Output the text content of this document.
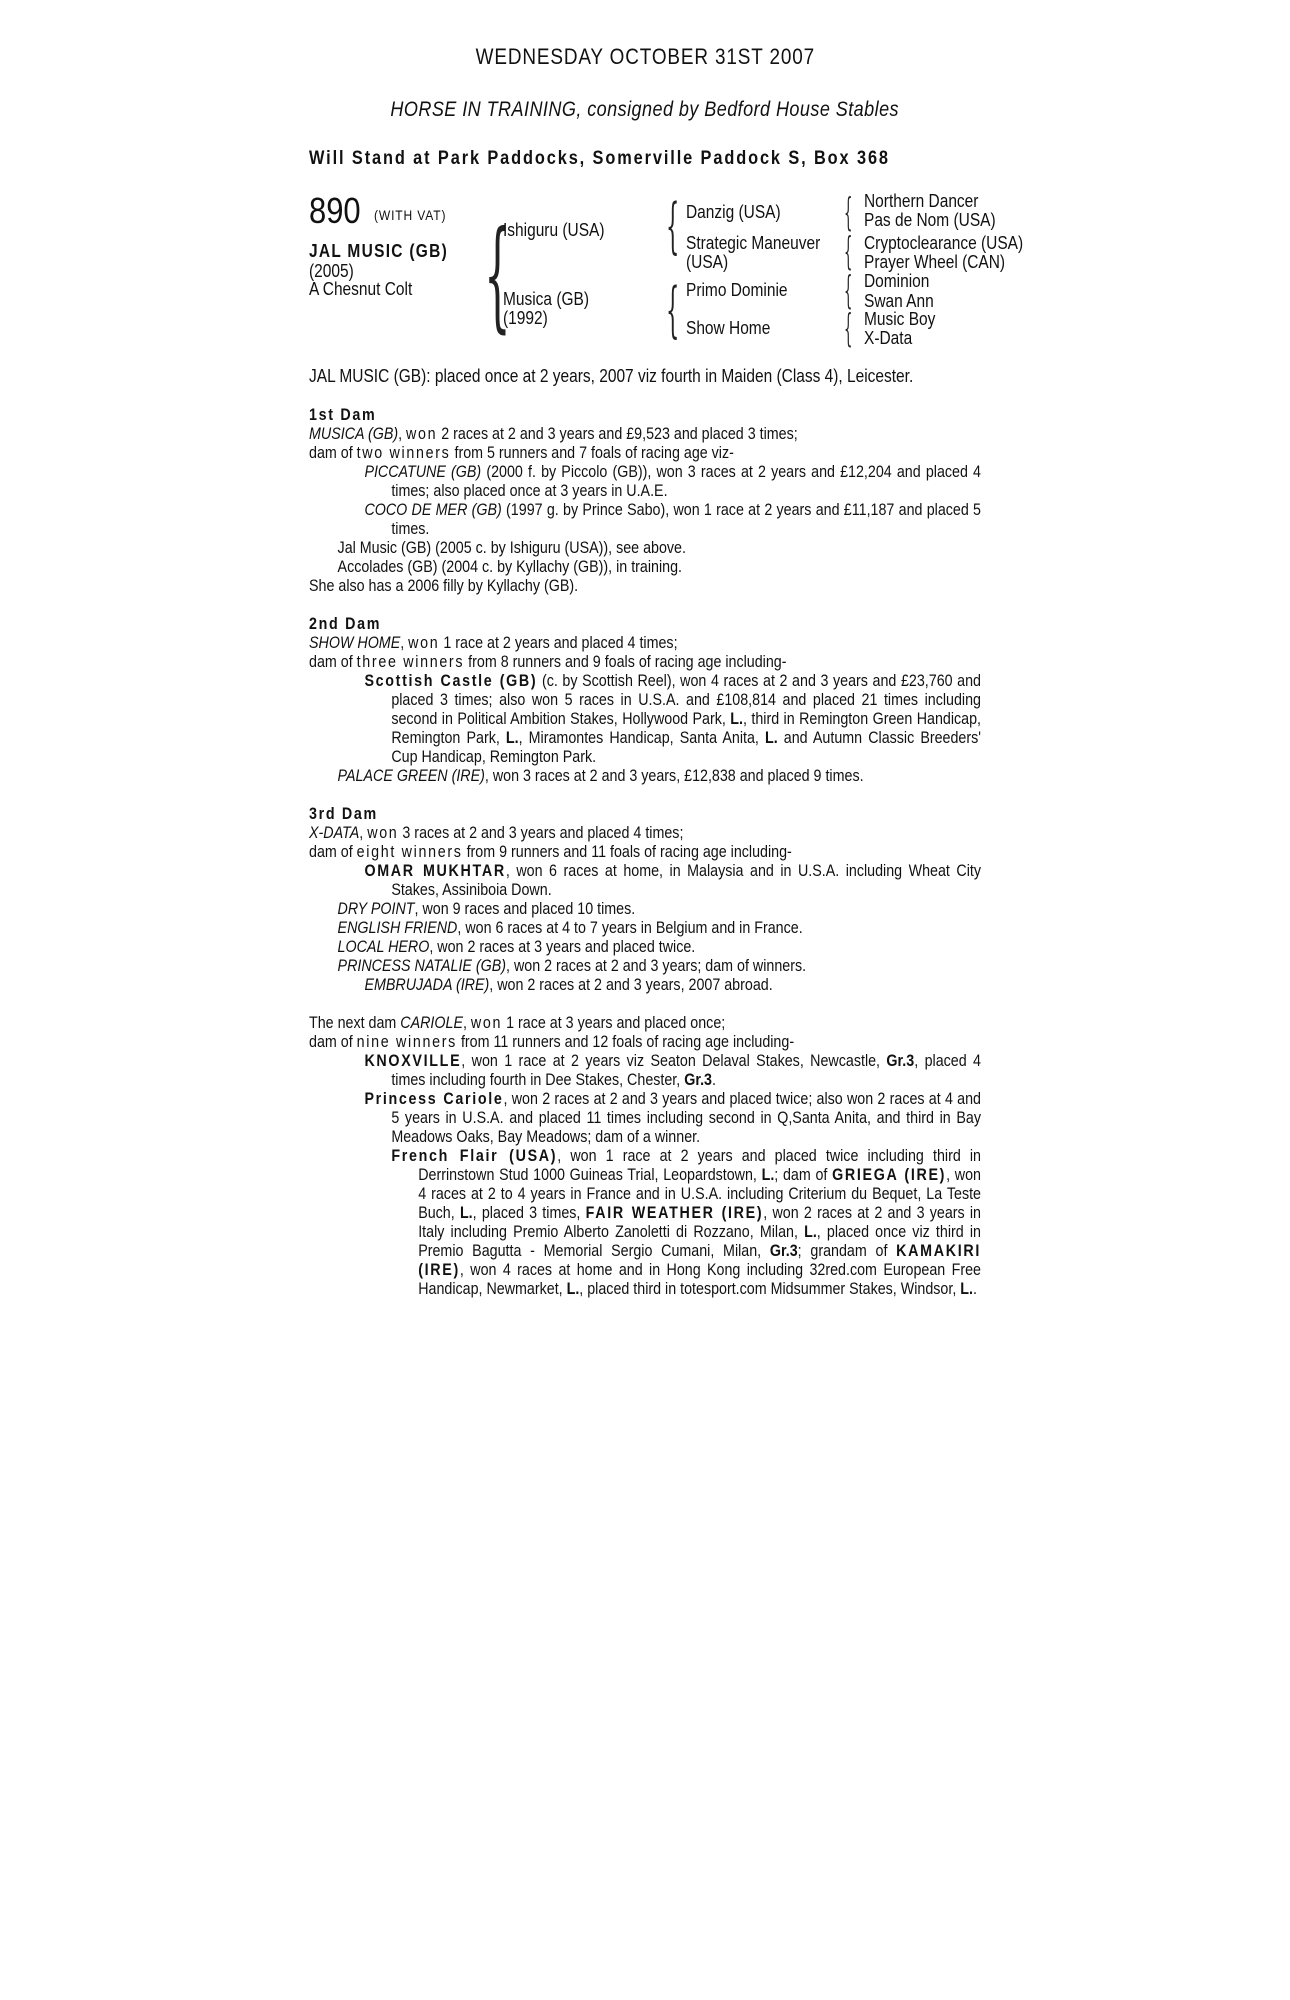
WEDNESDAY OCTOBER 31ST 2007
HORSE IN TRAINING, consigned by Bedford House Stables
Will Stand at Park Paddocks, Somerville Paddock S, Box 368
890 (WITH VAT)
JAL MUSIC (GB)
(2005)
A Chesnut Colt {
Ishiguru (USA)
Musica (GB)
(1992)
{ Danzig (USA)
Strategic Maneuver
(USA)
{ Primo Dominie
Show Home
{
{
{
{
Northern Dancer
Pas de Nom (USA)
Cryptoclearance (USA)
Prayer Wheel (CAN)
Dominion
Swan Ann
Music Boy
X-Data
JAL MUSIC (GB): placed once at 2 years, 2007 viz fourth in Maiden (Class 4), Leicester.

1st Dam

MUSICA (GB), won 2 races at 2 and 3 years and £9,523 and placed 3 times;

dam of two winners from 5 runners and 7 foals of racing age viz-

PICCATUNE (GB) (2000 f. by Piccolo (GB)), won 3 races at 2 years and £12,204 and placed 4 times; also placed once at 3 years in U.A.E.

COCO DE MER (GB) (1997 g. by Prince Sabo), won 1 race at 2 years and £11,187 and placed 5 times.

Jal Music (GB) (2005 c. by Ishiguru (USA)), see above.

Accolades (GB) (2004 c. by Kyllachy (GB)), in training.

She also has a 2006 filly by Kyllachy (GB).

2nd Dam

SHOW HOME, won 1 race at 2 years and placed 4 times;

dam of three winners from 8 runners and 9 foals of racing age including-

Scottish Castle (GB) (c. by Scottish Reel), won 4 races at 2 and 3 years and £23,760 and placed 3 times; also won 5 races in U.S.A. and £108,814 and placed 21 times including second in Political Ambition Stakes, Hollywood Park, L., third in Remington Green Handicap, Remington Park, L., Miramontes Handicap, Santa Anita, L. and Autumn Classic Breeders' Cup Handicap, Remington Park.

PALACE GREEN (IRE), won 3 races at 2 and 3 years, £12,838 and placed 9 times.

3rd Dam

X-DATA, won 3 races at 2 and 3 years and placed 4 times;

dam of eight winners from 9 runners and 11 foals of racing age including-

OMAR MUKHTAR, won 6 races at home, in Malaysia and in U.S.A. including Wheat City Stakes, Assiniboia Down.

DRY POINT, won 9 races and placed 10 times.

ENGLISH FRIEND, won 6 races at 4 to 7 years in Belgium and in France.

LOCAL HERO, won 2 races at 3 years and placed twice.

PRINCESS NATALIE (GB), won 2 races at 2 and 3 years; dam of winners.

EMBRUJADA (IRE), won 2 races at 2 and 3 years, 2007 abroad.

The next dam CARIOLE, won 1 race at 3 years and placed once;

dam of nine winners from 11 runners and 12 foals of racing age including-

KNOXVILLE, won 1 race at 2 years viz Seaton Delaval Stakes, Newcastle, Gr.3, placed 4 times including fourth in Dee Stakes, Chester, Gr.3.

Princess Cariole, won 2 races at 2 and 3 years and placed twice; also won 2 races at 4 and 5 years in U.S.A. and placed 11 times including second in Q,Santa Anita, and third in Bay Meadows Oaks, Bay Meadows; dam of a winner.

French Flair (USA), won 1 race at 2 years and placed twice including third in Derrinstown Stud 1000 Guineas Trial, Leopardstown, L.; dam of GRIEGA (IRE), won 4 races at 2 to 4 years in France and in U.S.A. including Criterium du Bequet, La Teste Buch, L., placed 3 times, FAIR WEATHER (IRE), won 2 races at 2 and 3 years in Italy including Premio Alberto Zanoletti di Rozzano, Milan, L., placed once viz third in Premio Bagutta - Memorial Sergio Cumani, Milan, Gr.3; grandam of KAMAKIRI (IRE), won 4 races at home and in Hong Kong including 32red.com European Free Handicap, Newmarket, L., placed third in totesport.com Midsummer Stakes, Windsor, L..
